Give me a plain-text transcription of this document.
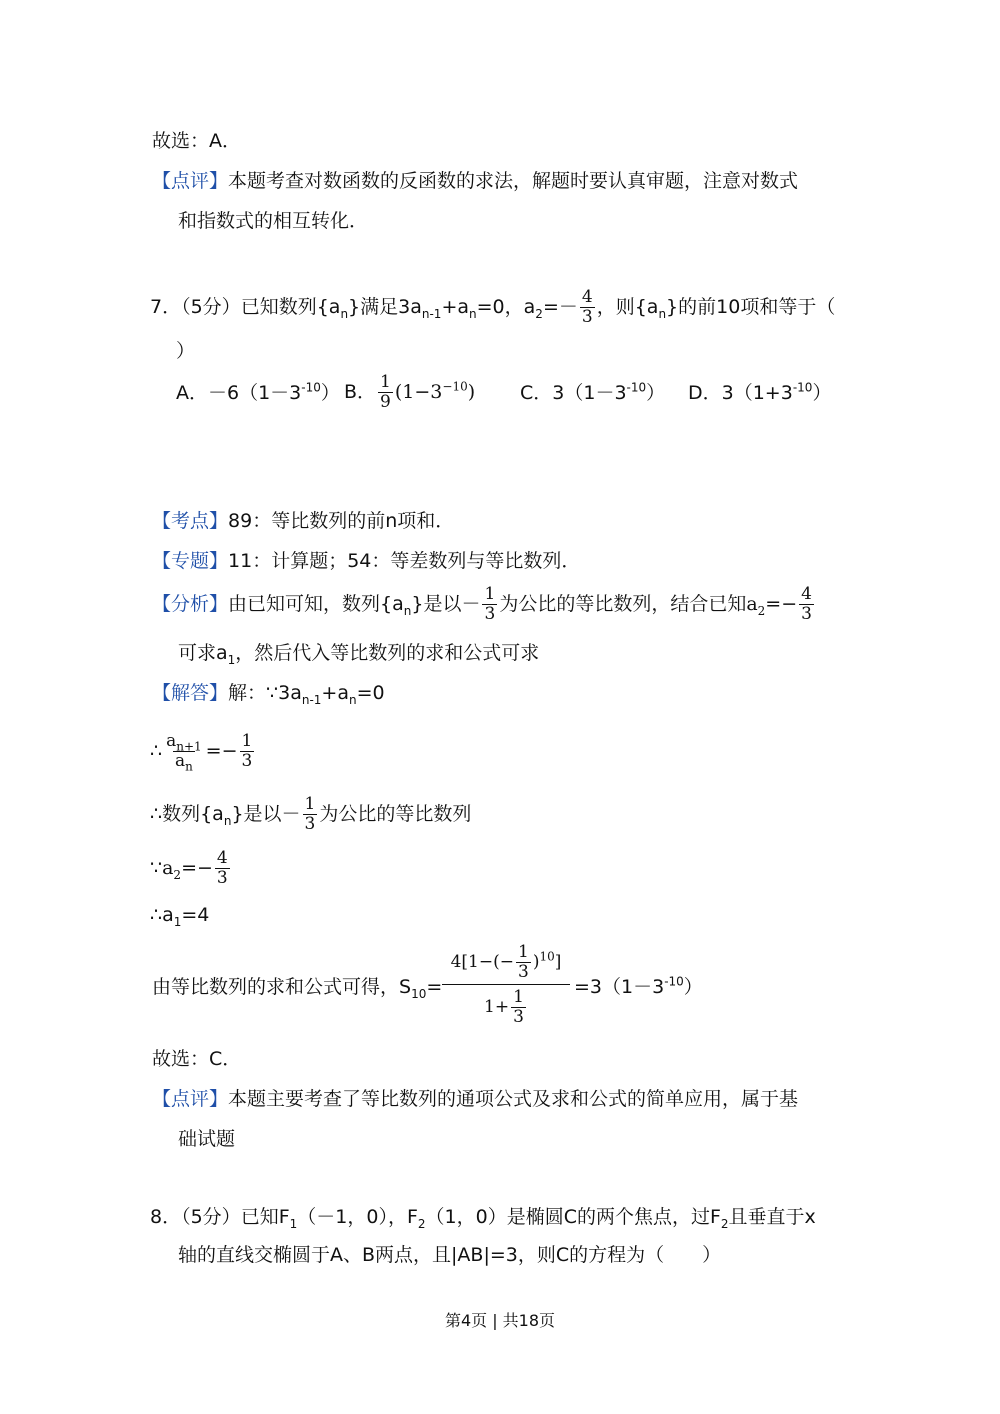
故选：A．
【点评】本题考查对数函数的反函数的求法，解题时要认真审题，注意对数式
和指数式的相互转化．
7．（5分）已知数列$\{a_n\}$满足$3a_{n-1}+a_n=0$，$a_2=- \frac{4}{3}$ ，则$\{a_n\}$的前10项和等于（
）
A．$-6(1-3^{-10})$ B． $\frac{1}{9} (1-3^{-10})$ C．$3(1-3^{-10})$ D．$3(1+3^{-10})$
【考点】89：等比数列的前n项和．
【专题】11：计算题；54：等差数列与等比数列．
【分析】由已知可知，数列$\{a_n\}$是以－ $\frac{1}{3}$ 为公比的等比数列，结合已知$a_2=- \frac{4}{3}$
可求$a_1$，然后代入等比数列的求和公式可求
【解答】解：$\because 3a_{n-1}+a_n=0$
∴ $\frac{a_{n+1}}{a_n} =- \frac{1}{3}$
∴数列$\{a_n\}$是以－ $\frac{1}{3}$ 为公比的等比数列
$\because a_2=- \frac{4}{3}$
$\therefore a_1=4$
由等比数列的求和公式可得，$S_{10}=$
$4[1-(- \frac{1}{3} )^{10}]$
$1+ \frac{1}{3}$
$=3(1-3^{-10})$
故选：C．
【点评】本题主要考查了等比数列的通项公式及求和公式的简单应用，属于基
础试题
8．（5分）已知$F_1(-1$，0），$F_2(1$，0）是椭圆C的两个焦点，过$F_2$且垂直于x
轴的直线交椭圆于A、B两点，且|AB|=3，则C的方程为（　　）
第4页 | 共18页
